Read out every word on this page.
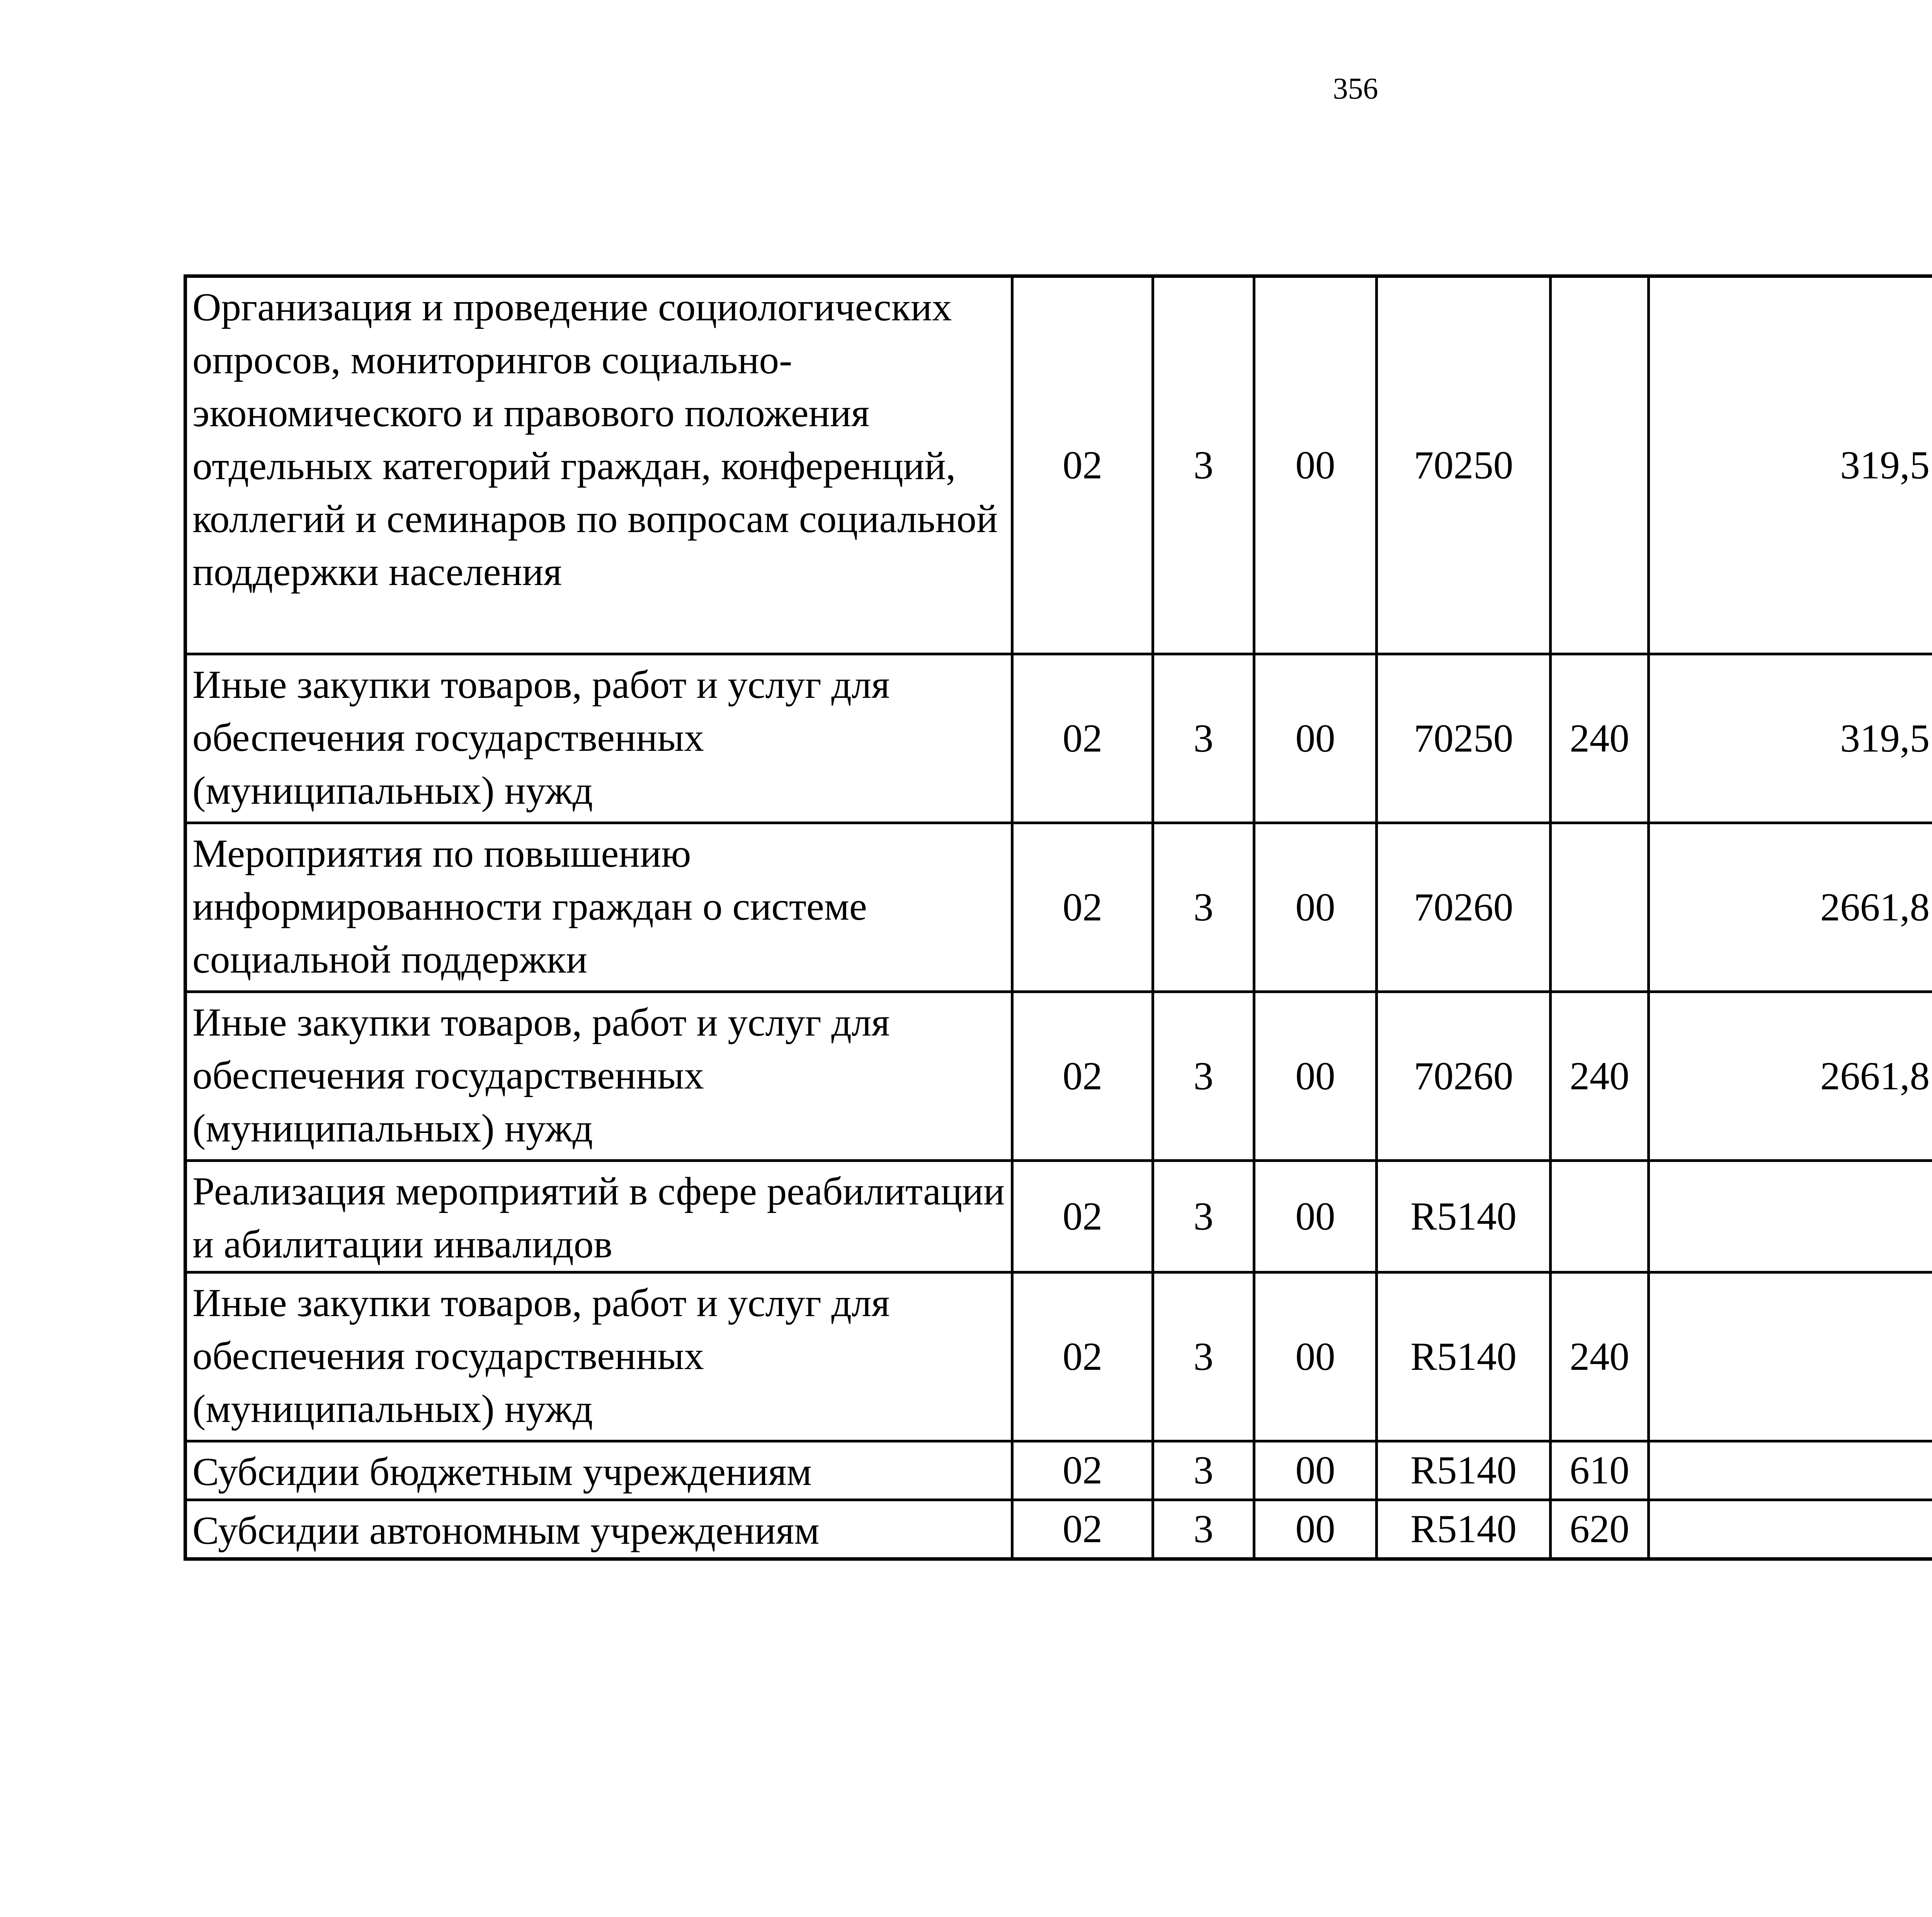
356
Организация и проведение социологических опросов, мониторингов социально-экономического и правового положения отдельных категорий граждан, конференций, коллегий и семинаров по вопросам социальной поддержки населения	02	3	00	70250		319,5		
Иные закупки товаров, работ и услуг для обеспечения государственных (муниципальных) нужд	02	3	00	70250	240	319,5		
Мероприятия по повышению информированности граждан о системе социальной поддержки	02	3	00	70260		2661,8		
Иные закупки товаров, работ и услуг для обеспечения государственных (муниципальных) нужд	02	3	00	70260	240	2661,8		
Реализация мероприятий в сфере реабилитации и абилитации инвалидов	02	3	00	R5140				
Иные закупки товаров, работ и услуг для обеспечения государственных (муниципальных) нужд	02	3	00	R5140	240			
Субсидии бюджетным учреждениям	02	3	00	R5140	610			
Субсидии автономным учреждениям	02	3	00	R5140	620			
